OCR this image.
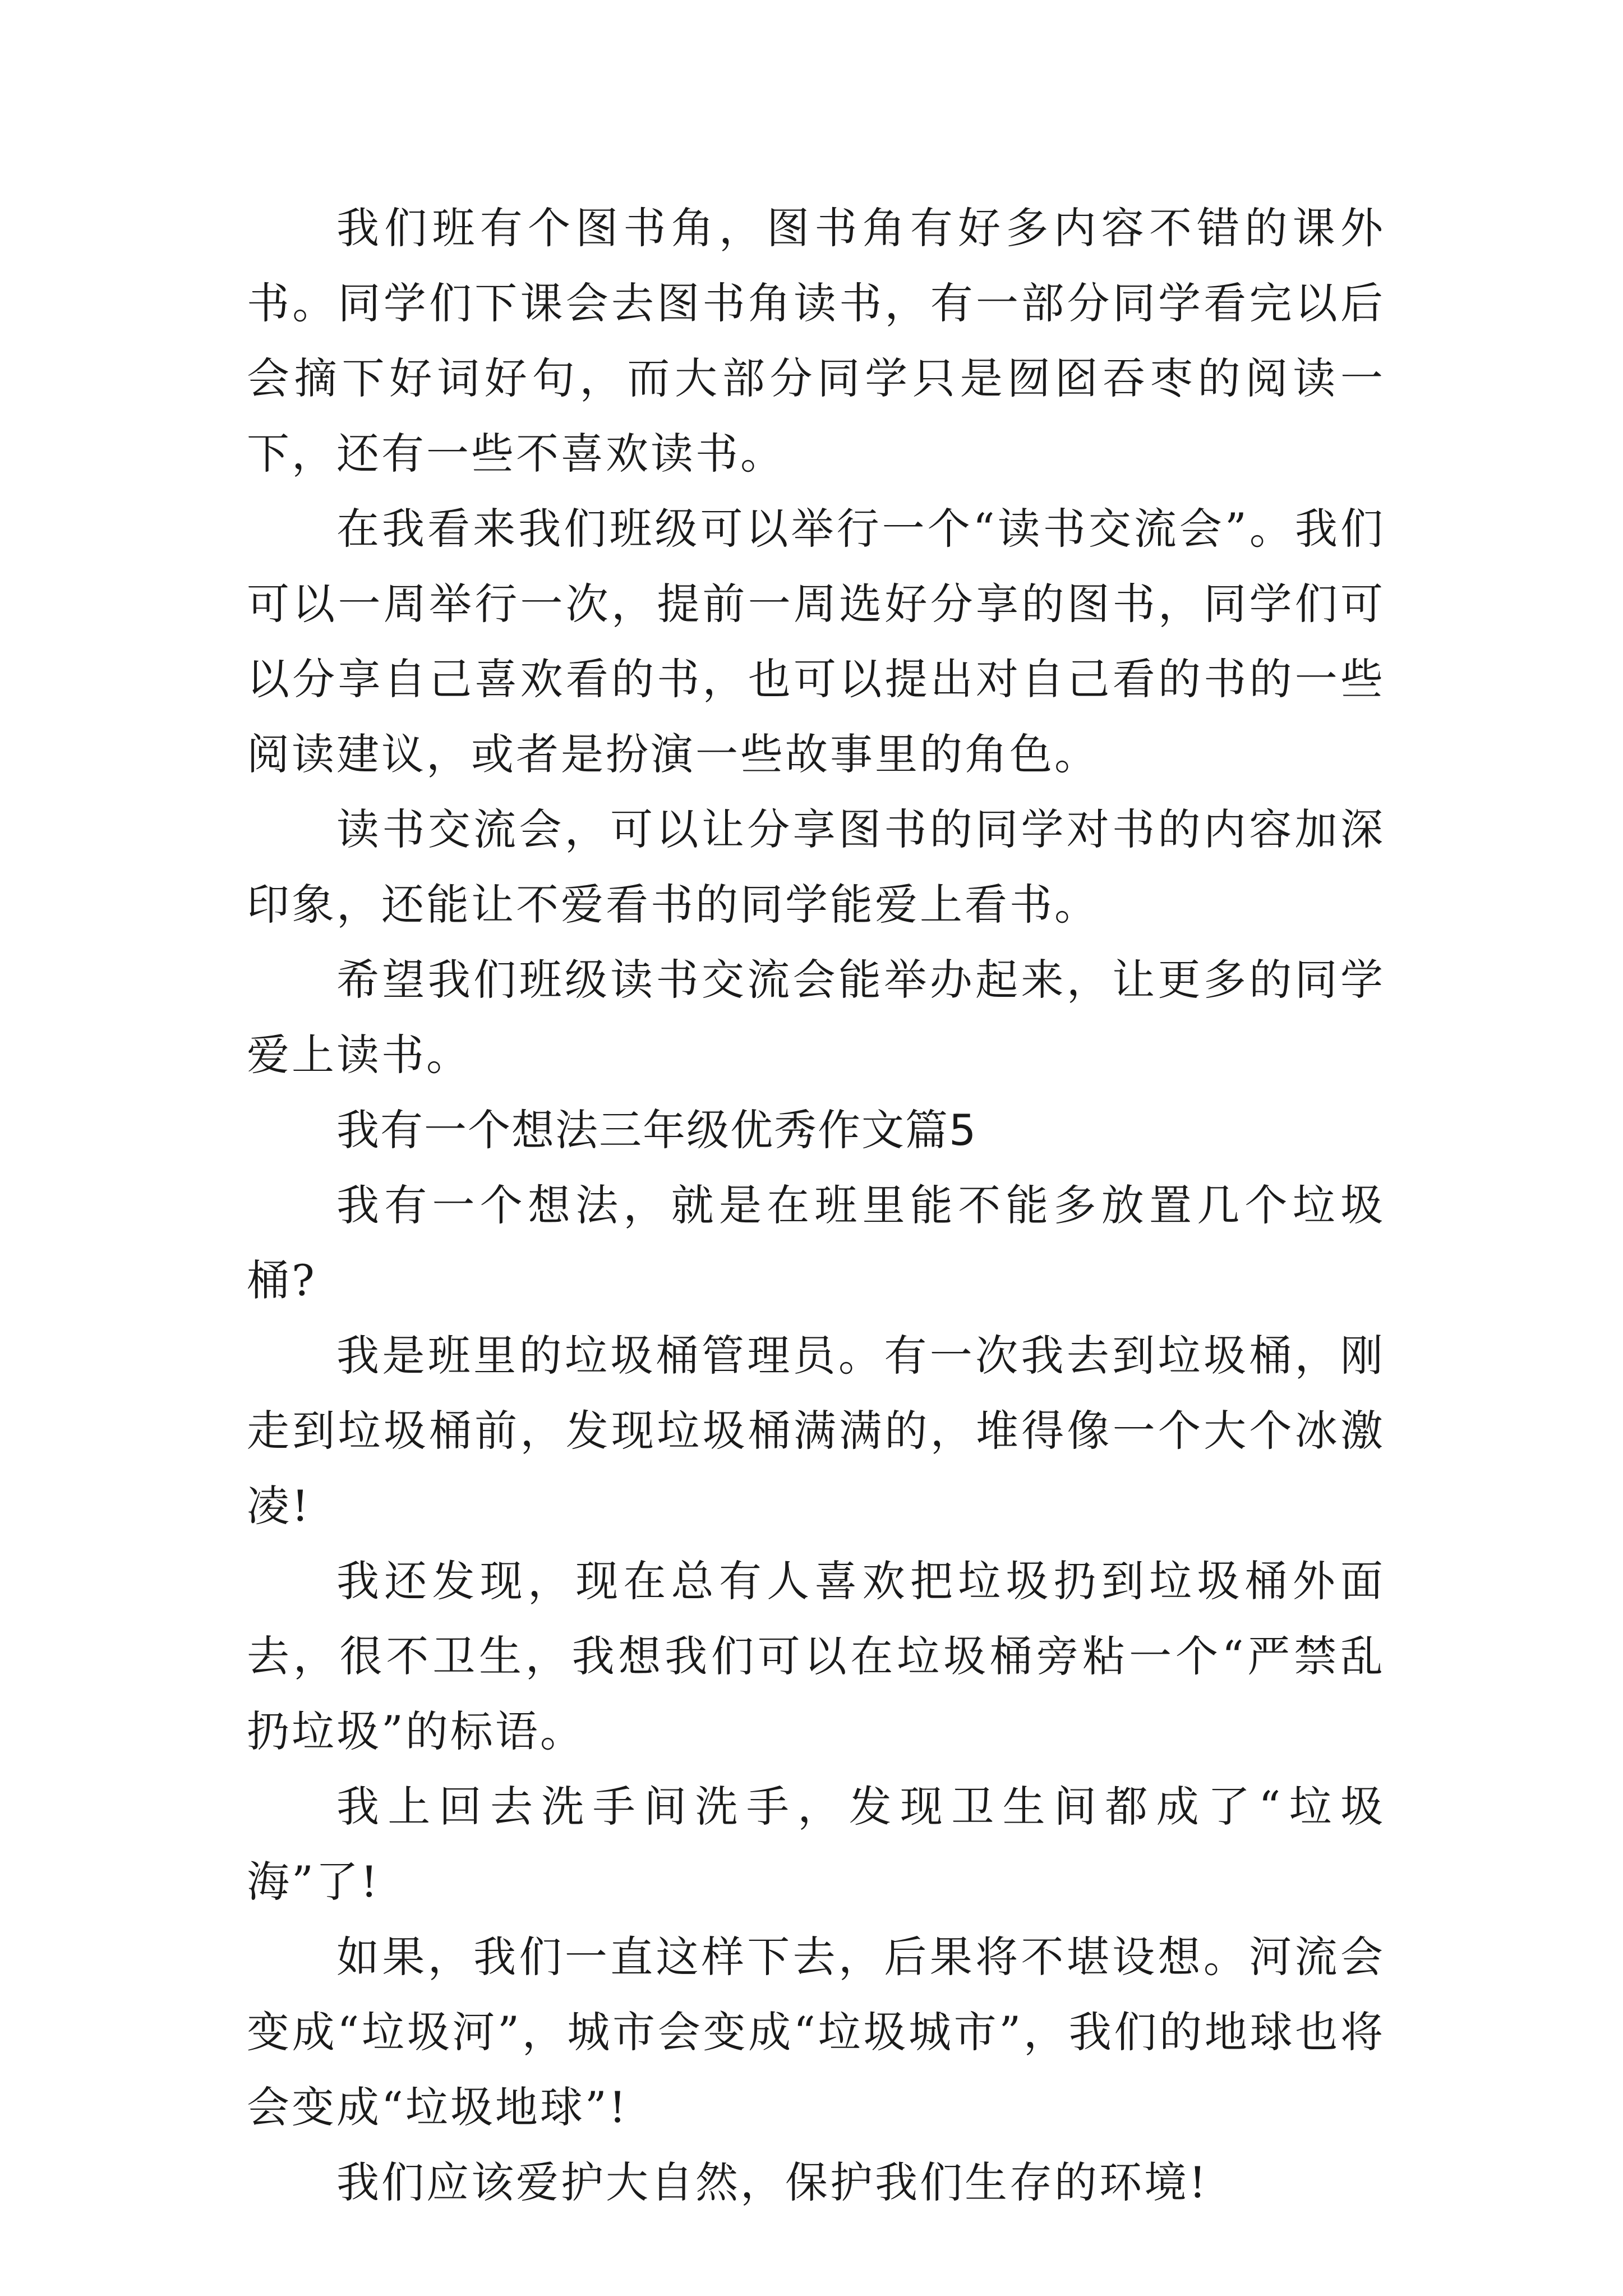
我们班有个图书角，图书角有好多内容不错的课外书。同学们下课会去图书角读书，有一部分同学看完以后会摘下好词好句，而大部分同学只是囫囵吞枣的阅读一下，还有一些不喜欢读书。

在我看来我们班级可以举行一个“读书交流会”。我们可以一周举行一次，提前一周选好分享的图书，同学们可以分享自己喜欢看的书，也可以提出对自己看的书的一些阅读建议，或者是扮演一些故事里的角色。

读书交流会，可以让分享图书的同学对书的内容加深印象，还能让不爱看书的同学能爱上看书。

希望我们班级读书交流会能举办起来，让更多的同学爱上读书。

我有一个想法三年级优秀作文篇5

我有一个想法，就是在班里能不能多放置几个垃圾桶?

我是班里的垃圾桶管理员。有一次我去到垃圾桶，刚走到垃圾桶前，发现垃圾桶满满的，堆得像一个大个冰激凌!

我还发现，现在总有人喜欢把垃圾扔到垃圾桶外面去，很不卫生，我想我们可以在垃圾桶旁粘一个“严禁乱扔垃圾”的标语。

我上回去洗手间洗手，发现卫生间都成了“垃圾海”了!

如果，我们一直这样下去，后果将不堪设想。河流会变成“垃圾河”，城市会变成“垃圾城市”，我们的地球也将会变成“垃圾地球”!

我们应该爱护大自然，保护我们生存的环境!
